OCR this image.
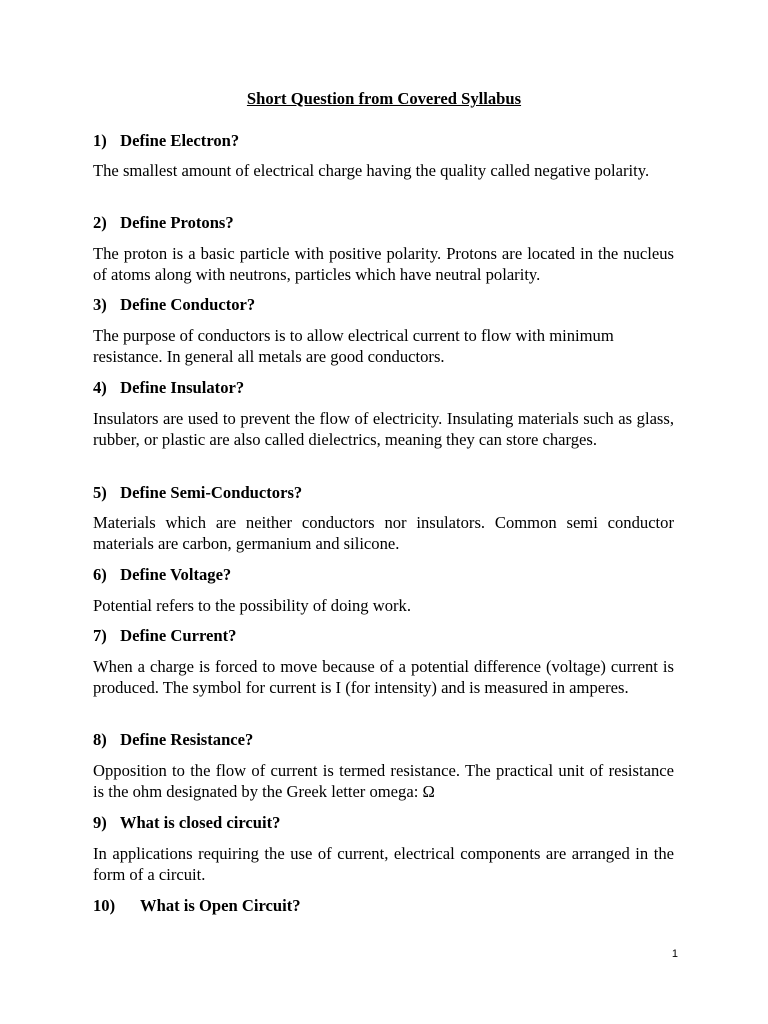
Short Question from Covered Syllabus
1) Define Electron?
The smallest amount of electrical charge having the quality called negative polarity.
2) Define Protons?
The proton is a basic particle with positive polarity. Protons are located in the nucleus of atoms along with neutrons, particles which have neutral polarity.
3) Define Conductor?
The purpose of conductors is to allow electrical current to flow with minimum resistance. In general all metals are good conductors.
4) Define Insulator?
Insulators are used to prevent the flow of electricity. Insulating materials such as glass, rubber, or plastic are also called dielectrics, meaning they can store charges.
5) Define Semi-Conductors?
Materials which are neither conductors nor insulators. Common semi conductor materials are carbon, germanium and silicone.
6) Define Voltage?
Potential refers to the possibility of doing work.
7) Define Current?
When a charge is forced to move because of a potential difference (voltage) current is produced. The symbol for current is I (for intensity) and is measured in amperes.
8) Define Resistance?
Opposition to the flow of current is termed resistance. The practical unit of resistance is the ohm designated by the Greek letter omega: Ω
9) What is closed circuit?
In applications requiring the use of current, electrical components are arranged in the form of a circuit.
10) What is Open Circuit?
1
